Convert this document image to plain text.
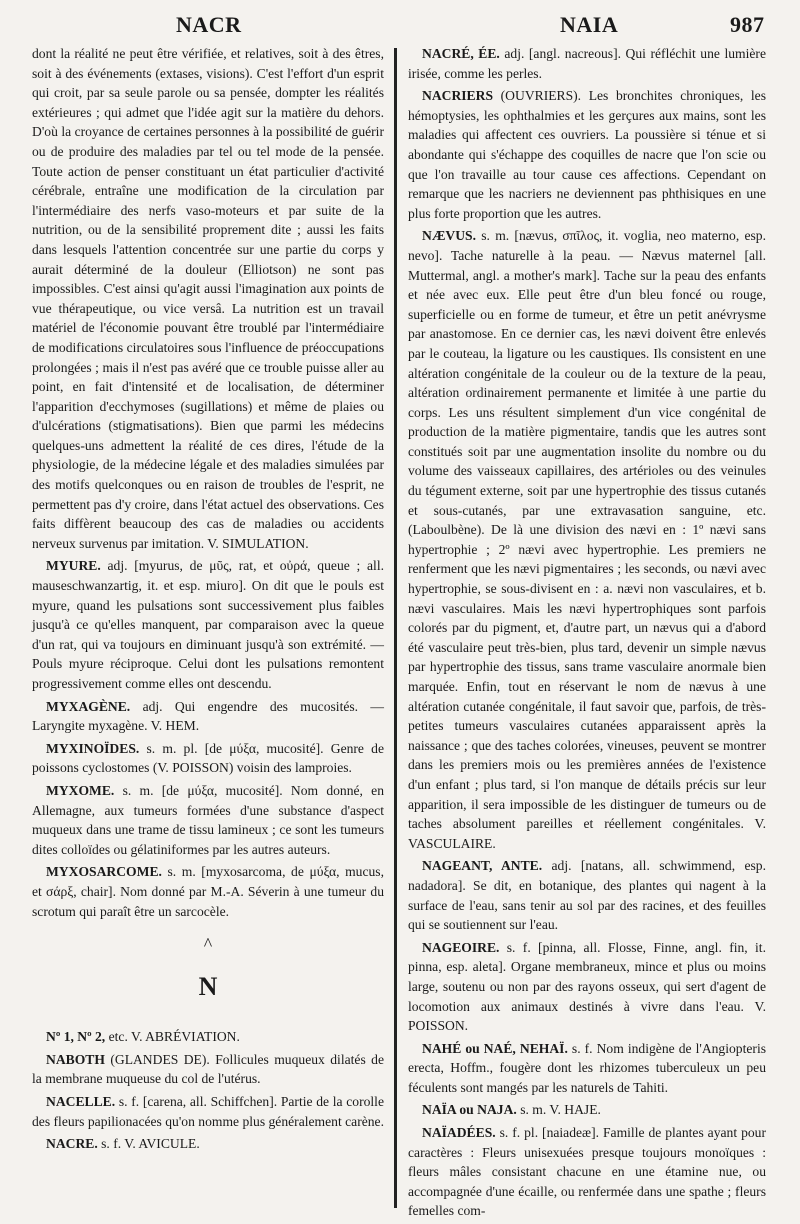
NACR	NAIA	987

dont la réalité ne peut être vérifiée, et relatives, soit à des êtres, soit à des événements (extases, visions). C'est l'effort d'un esprit qui croit, par sa seule parole ou sa pensée, dompter les réalités extérieures ; qui admet que l'idée agit sur la matière du dehors. D'où la croyance de certaines personnes à la possibilité de guérir ou de produire des maladies par tel ou tel mode de la pensée. Toute action de penser constituant un état particulier d'activité cérébrale, entraîne une modification de la circulation par l'intermédiaire des nerfs vaso-moteurs et par suite de la nutrition, ou de la sensibilité proprement dite ; aussi les faits dans lesquels l'attention concentrée sur une partie du corps y aurait déterminé de la douleur (Elliotson) ne sont pas impossibles. C'est ainsi qu'agit aussi l'imagination aux points de vue thérapeutique, ou vice versâ. La nutrition est un travail matériel de l'économie pouvant être troublé par l'intermédiaire de modifications circulatoires sous l'influence de préoccupations prolongées ; mais il n'est pas avéré que ce trouble puisse aller au point, en fait d'intensité et de localisation, de déterminer l'apparition d'ecchymoses (sugillations) et même de plaies ou d'ulcérations (stigmatisations). Bien que parmi les médecins quelques-uns admettent la réalité de ces dires, l'étude de la physiologie, de la médecine légale et des maladies simulées par des motifs quelconques ou en raison de troubles de l'esprit, ne permettent pas d'y croire, dans l'état actuel des observations. Ces faits diffèrent beaucoup des cas de maladies ou accidents nerveux survenus par imitation. V. SIMULATION.

MYURE. adj. [myurus, de μῦς, rat, et οὐρά, queue ; all. mauseschwanzartig, it. et esp. miuro]. On dit que le pouls est myure, quand les pulsations sont successivement plus faibles jusqu'à ce qu'elles manquent, par comparaison avec la queue d'un rat, qui va toujours en diminuant jusqu'à son extrémité. — Pouls myure réciproque. Celui dont les pulsations remontent progressivement comme elles ont descendu.

MYXAGÈNE. adj. Qui engendre des mucosités. — Laryngite myxagène. V. HEM.

MYXINOÏDES. s. m. pl. [de μύξα, mucosité]. Genre de poissons cyclostomes (V. POISSON) voisin des lamproies.

MYXOME. s. m. [de μύξα, mucosité]. Nom donné, en Allemagne, aux tumeurs formées d'une substance d'aspect muqueux dans une trame de tissu lamineux ; ce sont les tumeurs dites colloïdes ou gélatiniformes par les autres auteurs.

MYXOSARCOME. s. m. [myxosarcoma, de μύξα, mucus, et σάρξ, chair]. Nom donné par M.-A. Séverin à une tumeur du scrotum qui paraît être un sarcocèle.

^
N

Nº 1, Nº 2, etc. V. ABRÉVIATION.

NABOTH (GLANDES DE). Follicules muqueux dilatés de la membrane muqueuse du col de l'utérus.

NACELLE. s. f. [carena, all. Schiffchen]. Partie de la corolle des fleurs papilionacées qu'on nomme plus généralement carène.

NACRE. s. f. V. AVICULE.

NACRÉ, ÉE. adj. [angl. nacreous]. Qui réfléchit une lumière irisée, comme les perles.

NACRIERS (OUVRIERS). Les bronchites chroniques, les hémoptysies, les ophthalmies et les gerçures aux mains, sont les maladies qui affectent ces ouvriers. La poussière si ténue et si abondante qui s'échappe des coquilles de nacre que l'on scie ou que l'on travaille au tour cause ces affections. Cependant on remarque que les nacriers ne deviennent pas phthisiques en une plus forte proportion que les autres.

NÆVUS. s. m. [nævus, σπῖλος, it. voglia, neo materno, esp. nevo]. Tache naturelle à la peau. — Nævus maternel [all. Muttermal, angl. a mother's mark]. Tache sur la peau des enfants et née avec eux. Elle peut être d'un bleu foncé ou rouge, superficielle ou en forme de tumeur, et être un petit anévrysme par anastomose. En ce dernier cas, les nævi doivent être enlevés par le couteau, la ligature ou les caustiques. Ils consistent en une altération congénitale de la couleur ou de la texture de la peau, altération ordinairement permanente et limitée à une partie du corps. Les uns résultent simplement d'un vice congénital de production de la matière pigmentaire, tandis que les autres sont constitués soit par une augmentation insolite du nombre ou du volume des vaisseaux capillaires, des artérioles ou des veinules du tégument externe, soit par une hypertrophie des tissus cutanés et sous-cutanés, par une extravasation sanguine, etc. (Laboulbène). De là une division des nævi en : 1º nævi sans hypertrophie ; 2º nævi avec hypertrophie. Les premiers ne renferment que les nævi pigmentaires ; les seconds, ou nævi avec hypertrophie, se sous-divisent en : a. nævi non vasculaires, et b. nævi vasculaires. Mais les nævi hypertrophiques sont parfois colorés par du pigment, et, d'autre part, un nævus qui a d'abord été vasculaire peut très-bien, plus tard, devenir un simple nævus par hypertrophie des tissus, sans trame vasculaire anormale bien marquée. Enfin, tout en réservant le nom de nævus à une altération cutanée congénitale, il faut savoir que, parfois, de très-petites tumeurs vasculaires cutanées apparaissent après la naissance ; que des taches colorées, vineuses, peuvent se montrer dans les premiers mois ou les premières années de l'existence d'un enfant ; plus tard, si l'on manque de détails précis sur leur apparition, il sera impossible de les distinguer de tumeurs ou de taches absolument pareilles et réellement congénitales. V. VASCULAIRE.

NAGEANT, ANTE. adj. [natans, all. schwimmend, esp. nadadora]. Se dit, en botanique, des plantes qui nagent à la surface de l'eau, sans tenir au sol par des racines, et des feuilles qui se soutiennent sur l'eau.

NAGEOIRE. s. f. [pinna, all. Flosse, Finne, angl. fin, it. pinna, esp. aleta]. Organe membraneux, mince et plus ou moins large, soutenu ou non par des rayons osseux, qui sert d'agent de locomotion aux animaux destinés à vivre dans l'eau. V. POISSON.

NAHÉ ou NAÉ, NEHAÏ. s. f. Nom indigène de l'Angiopteris erecta, Hoffm., fougère dont les rhizomes tuberculeux un peu féculents sont mangés par les naturels de Tahiti.

NAÏA ou NAJA. s. m. V. HAJE.

NAÏADÉES. s. f. pl. [naiadeæ]. Famille de plantes ayant pour caractères : Fleurs unisexuées presque toujours monoïques : fleurs mâles consistant chacune en une étamine nue, ou accompagnée d'une écaille, ou renfermée dans une spathe ; fleurs femelles com-
